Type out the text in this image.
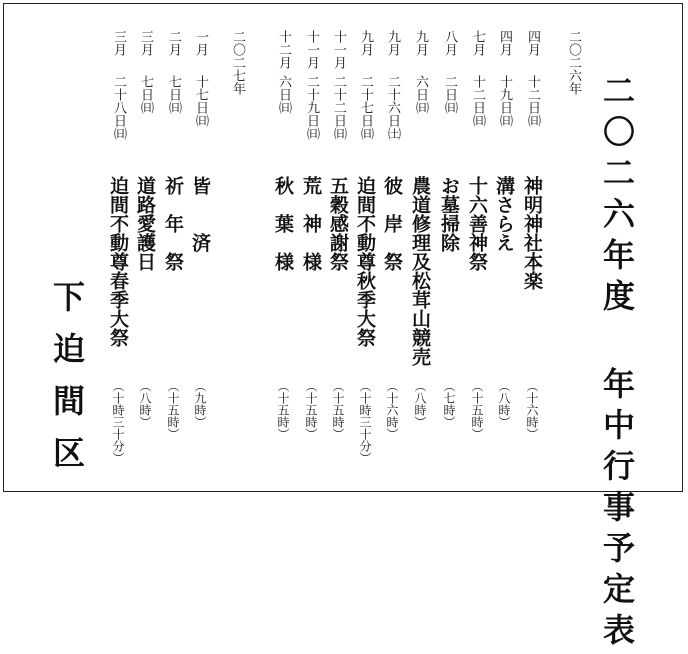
二〇二六年度 年中行事予定表
二〇二六年
二〇二七年	四月
十二日㈰
神明神社本楽
（十六時）
四月
十九日㈰
溝さらえ
（八時）
七月
十二日㈰
十六善神祭
（十五時）
八月
二日㈰
お墓掃除
（七時）
九月
六日㈰
農道修理及松茸山競売
（八時）
九月
二十六日㈯
彼　岸　祭
（十六時）
九月
二十七日㈰
迫間不動尊秋季大祭
（十時三十分）
十一月
二十二日㈰
五穀感謝祭
（十五時）
十一月
二十九日㈰
荒　神　様
（十五時）
十二月
六日㈰
秋　葉　様
（十五時）
一月
十七日㈰
皆　　済
（九時）
二月
七日㈰
祈　年　祭
（十五時）
三月
七日㈰
道路愛護日
（八時）
三月
二十八日㈰
迫間不動尊春季大祭
（十時三十分）
下迫間区
